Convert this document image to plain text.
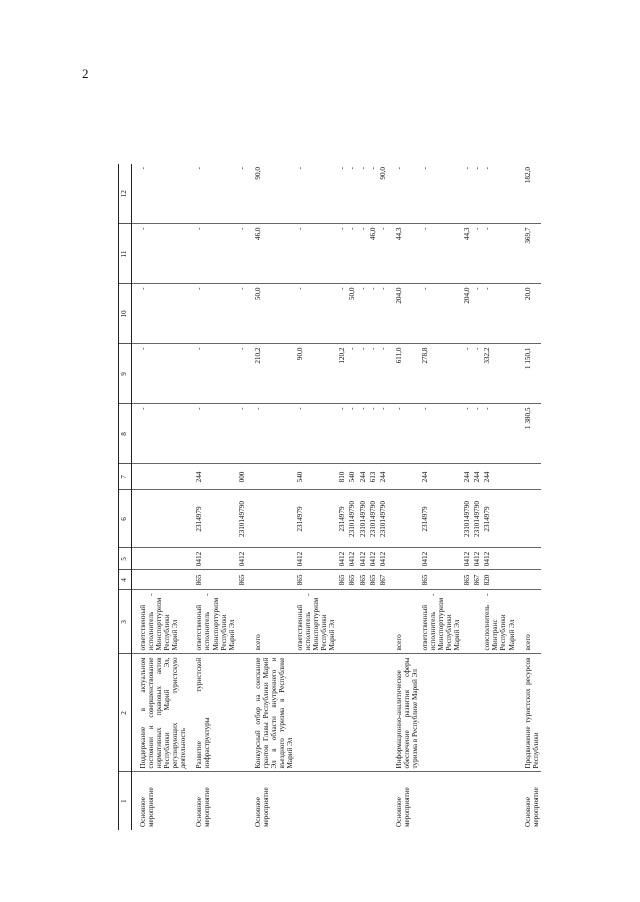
2
1	2	3	4	5	6	7	8	9	10	11	12
Основное мероприятие	Поддержание в актуальном состоянии и совершенствование нормативных правовых актов Республики Марий Эл, регулирующих туристскую деятельность	ответственный исполнитель - Минспорттуризм Республики Марий Эл					-	-	-	-	-
Основное мероприятие	Развитие туристской инфраструктуры	ответственный исполнитель - Минспорттуризм Республики Марий Эл	865	0412	2314979	244	-	-	-	-	-
			865	0412	2310149790	000	-	-	-	-	-
Основное мероприятие	Конкурсный отбор на соискание грантов Главы Республики Марий Эл в области внутреннего и въездного туризма в Республике Марий Эл	всего					-	210,2	50,0	46,0	90,0
		ответственный исполнитель - Минспорттуризм Республики Марий Эл	865	0412	2314979	540	-	90,0	-	-	-
			865	0412	2314979	810	-	120,2	-	-	-
			865	0412	2310149790	540	-	-	50,0	-	-
			865	0412	2310149790	244	-	-	-	-	-
			865	0412	2310149790	613	-	-	-	46,0	-
			867	0412	2310149790	244	-	-	-	-	90,0
Основное мероприятие	Информационно-аналитическое обеспечение развития сферы туризма в Республике Марий Эл	всего					-	611,0	204,0	44,3	-
		ответственный исполнитель - Минспорттуризм Республики Марий Эл	865	0412	2314979	244	-	278,8	-	-	-
			865	0412	2310149790	244	-	-	204,0	44,3	-
			867	0412	2310149790	244	-	-	-	-	-
		соисполнитель - Минтранс Республики Марий Эл	820	0412	2314979	244	-	332,2	-	-	-
Основное мероприятие	Продвижение туристских ресурсов Республики	всего					1 380,5	1 150,1	20,0	369,7	182,0
